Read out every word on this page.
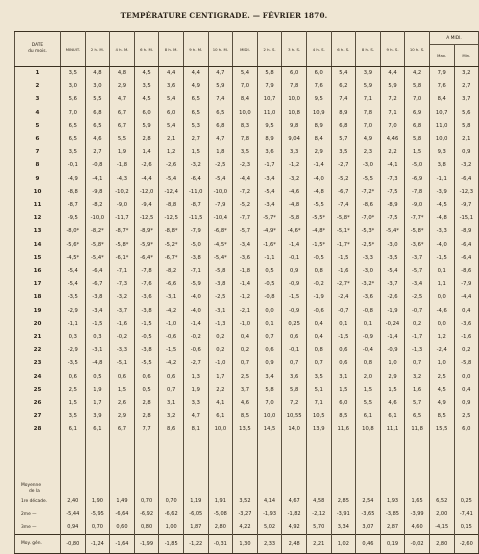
TEMPÉRATURE CENTIGRADE. — FÉVRIER 1870.
DATE
du mois.	MINUIT.	2 h. M.	4 h. M.	6 h. M.	8 h. M.	9 h. M.	10 h. M.	MIDI.	2 h. S.	3 h. S.	4 h. S.	6 h. S.	8 h. S.	9 h. S.	10 h. S.	A MIDI.	
																Max.	Min.
1	3,5	4,8	4,8	4,5	4,4	4,4	4,7	5,4	5,8	6,0	6,0	5,4	3,9	4,4	4,2	7,9	3,2
2	3,0	3,0	2,9	3,5	3,6	4,9	5,9	7,0	7,9	7,8	7,6	6,2	5,9	5,9	5,8	7,6	2,7
3	5,6	5,5	4,7	4,5	5,4	6,5	7,4	8,4	10,7	10,0	9,5	7,4	7,1	7,2	7,0	8,4	3,7
4	7,0	6,8	6,7	6,0	6,0	6,5	6,5	10,0	11,0	10,8	10,9	8,9	7,8	7,1	6,9	10,7	5,6
5	6,5	6,5	6,7	5,9	5,4	5,3	6,8	8,3	9,5	9,8	8,9	6,8	7,0	7,0	6,8	11,0	5,8
6	6,5	4,6	5,5	2,8	2,1	2,7	4,7	7,8	8,9	9,04	8,4	5,7	4,9	4,46	5,8	10,0	2,1
7	3,5	2,7	1,9	1,4	1,2	1,5	1,8	3,5	3,6	3,3	2,9	3,5	2,3	2,2	1,5	9,3	0,9
8	-0,1	-0,8	-1,8	-2,6	-2,6	-3,2	-2,5	-2,3	-1,7	-1,2	-1,4	-2,7	-3,0	-4,1	-5,0	3,8	-3,2
9	-4,9	-4,1	-4,3	-4,4	-5,4	-6,4	-5,4	-4,4	-3,4	-3,2	-4,0	-5,2	-5,5	-7,3	-6,9	-1,1	-6,4
10	-8,8	-9,8	-10,2	-12,0	-12,4	-11,0	-10,0	-7,2	-5,4	-4,6	-4,8	-6,7	-7,2*	-7,5	-7,8	-3,9	-12,3
11	-8,7	-8,2	-9,0	-9,4	-8,8	-8,7	-7,9	-5,2	-3,4	-4,8	-5,5	-7,4	-8,6	-8,9	-9,0	-4,5	-9,7
12	-9,5	-10,0	-11,7	-12,5	-12,5	-11,5	-10,4	-7,7	-5,7*	-5,8	-5,5*	-5,8*	-7,0*	-7,5	-7,7*	-4,8	-15,1
13	-8,0*	-8,2*	-8,7*	-8,9*	-8,8*	-7,9	-6,8*	-5,7	-4,9*	-4,6*	-4,8*	-5,1*	-5,3*	-5,4*	-5,8*	-3,3	-8,9
14	-5,6*	-5,8*	-5,8*	-5,9*	-5,2*	-5,0	-4,5*	-3,4	-1,6*	-1,4	-1,5*	-1,7*	-2,5*	-3,0	-3,6*	-4,0	-6,4
15	-4,5*	-5,4*	-6,1*	-6,4*	-6,7*	-3,8	-5,4*	-3,6	-1,1	-0,1	-0,5	-1,5	-3,3	-3,5	-3,7	-1,5	-6,4
16	-5,4	-6,4	-7,1	-7,8	-8,2	-7,1	-5,8	-1,8	0,5	0,9	0,8	-1,6	-3,0	-5,4	-5,7	0,1	-8,6
17	-5,4	-6,7	-7,3	-7,6	-6,6	-5,9	-3,8	-1,4	-0,5	-0,9	-0,2	-2,7*	-3,2*	-3,7	-3,4	1,1	-7,9
18	-3,5	-3,8	-3,2	-3,6	-3,1	-4,0	-2,5	-1,2	-0,8	-1,5	-1,9	-2,4	-3,6	-2,6	-2,5	0,0	-4,4
19	-2,9	-3,4	-3,7	-3,8	-4,2	-4,0	-3,1	-2,1	0,0	-0,9	-0,6	-0,7	-0,8	-1,9	-0,7	-4,6	0,4
20	-1,1	-1,5	-1,6	-1,5	-1,0	-1,4	-1,3	-1,0	0,1	0,25	0,4	0,1	0,1	-0,24	0,2	0,0	-3,6
21	0,3	0,3	-0,2	-0,5	-0,6	-0,2	0,2	0,4	0,7	0,6	0,4	-1,5	-0,9	-1,4	-1,7	1,2	-1,6
22	-2,9	-3,1	-3,3	-3,8	-1,5	-0,6	0,2	0,2	0,6	-0,1	0,8	0,6	-0,4	-0,9	-1,3	-2,4	0,2
23	-3,5	-4,8	-5,1	-5,5	-4,2	-2,7	-1,0	0,7	0,9	0,7	0,7	0,6	0,8	1,0	0,7	1,0	-5,8
24	0,6	0,5	0,6	0,6	0,6	1,3	1,7	2,5	3,4	3,6	3,5	3,1	2,0	2,9	3,2	2,5	0,0
25	2,5	1,9	1,5	0,5	0,7	1,9	2,2	3,7	5,8	5,8	5,1	1,5	1,5	1,5	1,6	4,5	0,4
26	1,5	1,7	2,6	2,8	3,1	3,3	4,1	4,6	7,0	7,2	7,1	6,0	5,5	4,6	5,7	4,9	0,9
27	3,5	3,9	2,9	2,8	3,2	4,7	6,1	8,5	10,0	10,55	10,5	8,5	6,1	6,1	6,5	8,5	2,5
28	6,1	6,1	6,7	7,7	8,6	8,1	10,0	13,5	14,5	14,0	13,9	11,6	10,8	11,1	11,8	15,5	6,0

Moyenne
de la																	

1re décade.	2,40	1,90	1,49	0,70	0,70	1,19	1,91	3,52	4,14	4,67	4,58	2,85	2,54	1,93	1,65	6,52	0,25
2me —	-5,44	-5,95	-6,64	-6,92	-6,62	-6,05	-5,08	-3,27	-1,93	-1,82	-2,12	-3,91	-3,65	-3,85	-3,99	2,00	-7,41
3me —	0,94	0,70	0,60	0,80	1,00	1,87	2,80	4,22	5,02	4,92	5,70	3,34	3,07	2,87	4,60	-4,15	0,15
Moy. gén.	-0,80	-1,24	-1,64	-1,99	-1,85	-1,22	-0,31	1,30	2,33	2,48	2,21	1,02	0,46	0,19	-0,02	2,80	-2,60
